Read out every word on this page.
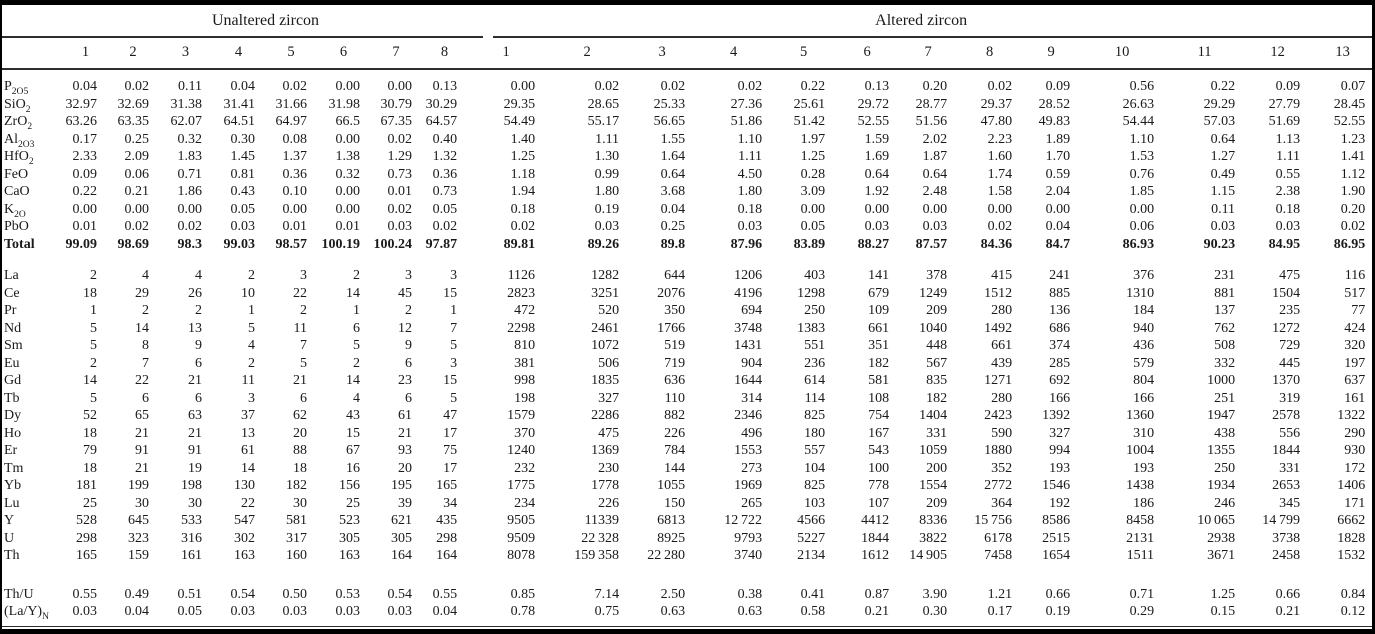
	Unaltered zircon								Altered zircon												
	1	2	3	4	5	6	7	8	1	2	3	4	5	6	7	8	9	10	11	12	13
$P_{2O5}$	0.04	0.02	0.11	0.04	0.02	0.00	0.00	0.13	0.00	0.02	0.02	0.02	0.22	0.13	0.20	0.02	0.09	0.56	0.22	0.09	0.07
SiO$_2$	32.97	32.69	31.38	31.41	31.66	31.98	30.79	30.29	29.35	28.65	25.33	27.36	25.61	29.72	28.77	29.37	28.52	26.63	29.29	27.79	28.45
ZrO$_2$	63.26	63.35	62.07	64.51	64.97	66.5	67.35	64.57	54.49	55.17	56.65	51.86	51.42	52.55	51.56	47.80	49.83	54.44	57.03	51.69	52.55
$Al_{2O3}$	0.17	0.25	0.32	0.30	0.08	0.00	0.02	0.40	1.40	1.11	1.55	1.10	1.97	1.59	2.02	2.23	1.89	1.10	0.64	1.13	1.23
HfO$_2$	2.33	2.09	1.83	1.45	1.37	1.38	1.29	1.32	1.25	1.30	1.64	1.11	1.25	1.69	1.87	1.60	1.70	1.53	1.27	1.11	1.41
FeO	0.09	0.06	0.71	0.81	0.36	0.32	0.73	0.36	1.18	0.99	0.64	4.50	0.28	0.64	0.64	1.74	0.59	0.76	0.49	0.55	1.12
CaO	0.22	0.21	1.86	0.43	0.10	0.00	0.01	0.73	1.94	1.80	3.68	1.80	3.09	1.92	2.48	1.58	2.04	1.85	1.15	2.38	1.90
$K_{2O}$	0.00	0.00	0.00	0.05	0.00	0.00	0.02	0.05	0.18	0.19	0.04	0.18	0.00	0.00	0.00	0.00	0.00	0.00	0.11	0.18	0.20
PbO	0.01	0.02	0.02	0.03	0.01	0.01	0.03	0.02	0.02	0.03	0.25	0.03	0.05	0.03	0.03	0.02	0.04	0.06	0.03	0.03	0.02
Total	99.09	98.69	98.3	99.03	98.57	100.19	100.24	97.87	89.81	89.26	89.8	87.96	83.89	88.27	87.57	84.36	84.7	86.93	90.23	84.95	86.95
La	2	4	4	2	3	2	3	3	1126	1282	644	1206	403	141	378	415	241	376	231	475	116
Ce	18	29	26	10	22	14	45	15	2823	3251	2076	4196	1298	679	1249	1512	885	1310	881	1504	517
Pr	1	2	2	1	2	1	2	1	472	520	350	694	250	109	209	280	136	184	137	235	77
Nd	5	14	13	5	11	6	12	7	2298	2461	1766	3748	1383	661	1040	1492	686	940	762	1272	424
Sm	5	8	9	4	7	5	9	5	810	1072	519	1431	551	351	448	661	374	436	508	729	320
Eu	2	7	6	2	5	2	6	3	381	506	719	904	236	182	567	439	285	579	332	445	197
Gd	14	22	21	11	21	14	23	15	998	1835	636	1644	614	581	835	1271	692	804	1000	1370	637
Tb	5	6	6	3	6	4	6	5	198	327	110	314	114	108	182	280	166	166	251	319	161
Dy	52	65	63	37	62	43	61	47	1579	2286	882	2346	825	754	1404	2423	1392	1360	1947	2578	1322
Ho	18	21	21	13	20	15	21	17	370	475	226	496	180	167	331	590	327	310	438	556	290
Er	79	91	91	61	88	67	93	75	1240	1369	784	1553	557	543	1059	1880	994	1004	1355	1844	930
Tm	18	21	19	14	18	16	20	17	232	230	144	273	104	100	200	352	193	193	250	331	172
Yb	181	199	198	130	182	156	195	165	1775	1778	1055	1969	825	778	1554	2772	1546	1438	1934	2653	1406
Lu	25	30	30	22	30	25	39	34	234	226	150	265	103	107	209	364	192	186	246	345	171
Y	528	645	533	547	581	523	621	435	9505	11339	6813	12 722	4566	4412	8336	15 756	8586	8458	10 065	14 799	6662
U	298	323	316	302	317	305	305	298	9509	22 328	8925	9793	5227	1844	3822	6178	2515	2131	2938	3738	1828
Th	165	159	161	163	160	163	164	164	8078	159 358	22 280	3740	2134	1612	14 905	7458	1654	1511	3671	2458	1532
Th/U	0.55	0.49	0.51	0.54	0.50	0.53	0.54	0.55	0.85	7.14	2.50	0.38	0.41	0.87	3.90	1.21	0.66	0.71	1.25	0.66	0.84
$(La/Y)_N$	0.03	0.04	0.05	0.03	0.03	0.03	0.03	0.04	0.78	0.75	0.63	0.63	0.58	0.21	0.30	0.17	0.19	0.29	0.15	0.21	0.12
